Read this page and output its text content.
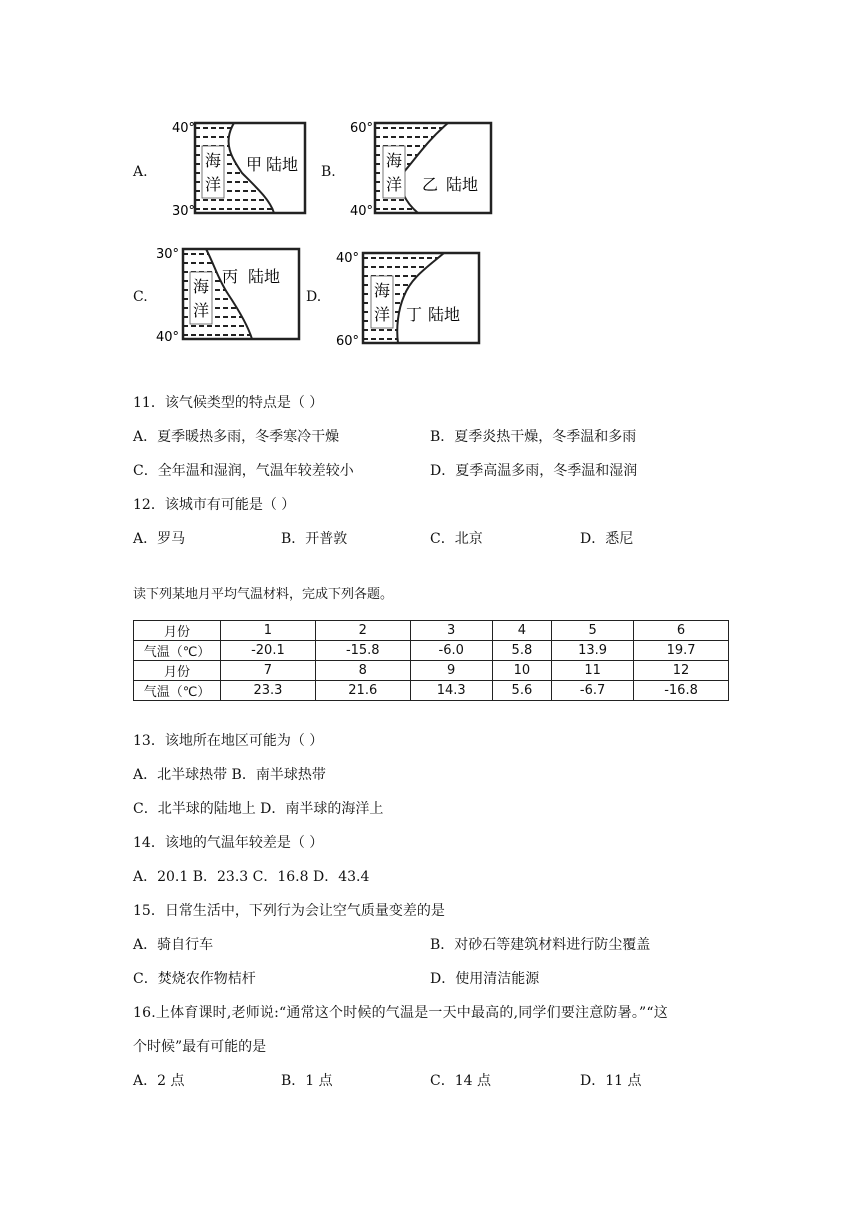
A.	B.
C.	D.
40°
30°
海
洋
甲 陆地
60°
40°
海
洋 乙 陆地
30°
40°
海
洋
丙 陆地
40°
60°
海
洋 丁 陆地
11．该气候类型的特点是（ ）
A．夏季暖热多雨，冬季寒冷干燥	B．夏季炎热干燥，冬季温和多雨
C．全年温和湿润，气温年较差较小	D．夏季高温多雨，冬季温和湿润
12．该城市有可能是（ ）
A．罗马	B．开普敦	C．北京	D．悉尼
读下列某地月平均气温材料，完成下列各题。
月份	1	2	3	4	5	6
气温（℃）	-20.1	-15.8	-6.0	5.8	13.9	19.7
月份	7	8	9	10	11	12
气温（℃）	23.3	21.6	14.3	5.6	-6.7	-16.8
13．该地所在地区可能为（ ）
A．北半球热带 B．南半球热带
C．北半球的陆地上 D．南半球的海洋上
14．该地的气温年较差是（ ）
A．20.1 B．23.3 C．16.8 D．43.4
15．日常生活中，下列行为会让空气质量变差的是
A．骑自行车	B．对砂石等建筑材料进行防尘覆盖
C．焚烧农作物桔杆	D．使用清洁能源
16.上体育课时,老师说:“通常这个时候的气温是一天中最高的,同学们要注意防暑。”“这
个时候”最有可能的是
A．2 点	B．1 点	C．14 点	D．11 点
